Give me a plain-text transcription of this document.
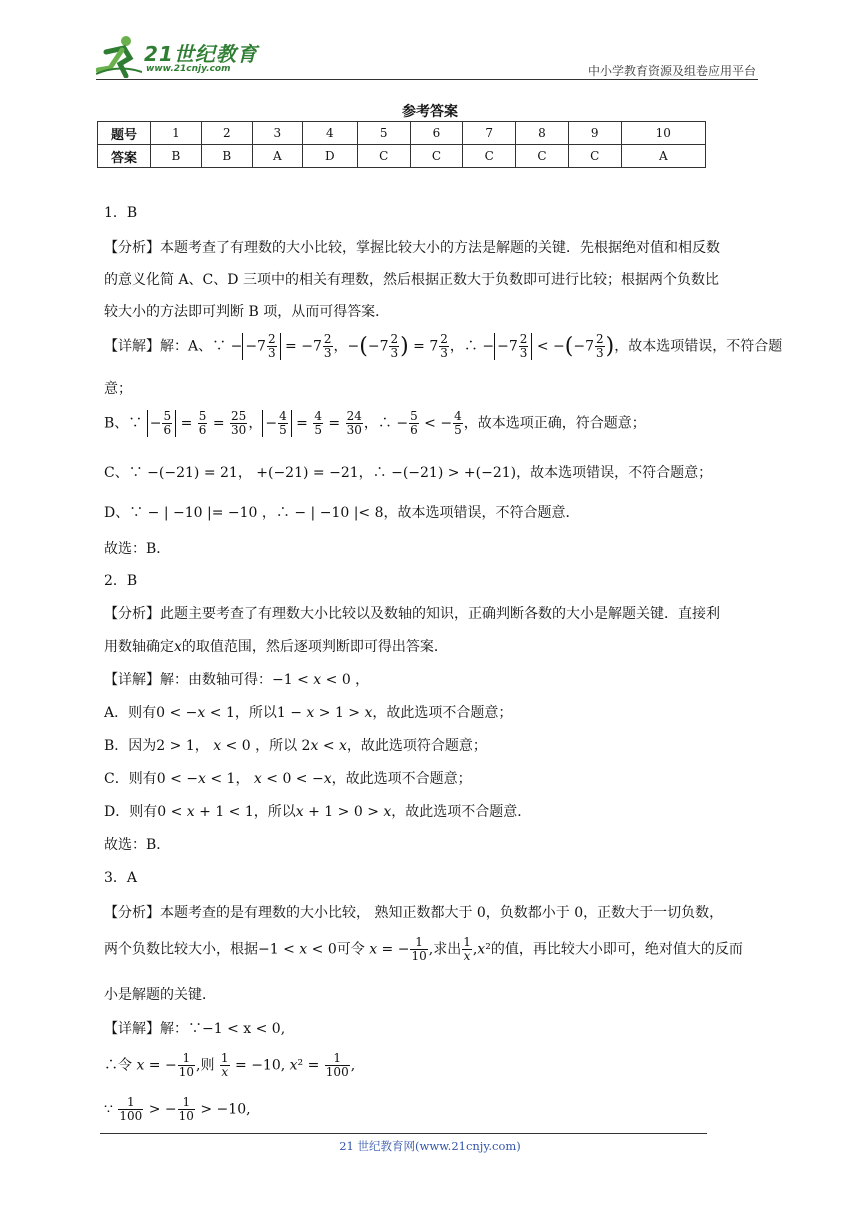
21世纪教育
www.21cnjy.com	中小学教育资源及组卷应用平台
参考答案
题号	1	2	3	4	5	6	7	8	9	10
答案	B	B	A	D	C	C	C	C	C	A
1．B
【分析】本题考查了有理数的大小比较，掌握比较大小的方法是解题的关键．先根据绝对值和相反数
的意义化简 A、C、D 三项中的相关有理数，然后根据正数大于负数即可进行比较；根据两个负数比
较大小的方法即可判断 B 项，从而可得答案．
【详解】解：A、∵ − $-7 \frac{2}{3} = -7 \frac{2}{3}$ ，$-(-7 \frac{2}{3}$ ) = $7 \frac{2}{3}$ ，∴ − $-7 \frac{2}{3} < -(-7 \frac{2}{3}$ )，故本选项错误，不符合题
意；
B、∵ − $\frac{5}{6} = \frac{5}{6} = \frac{25}{30}$ ， − $\frac{4}{5} = \frac{4}{5} = \frac{24}{30}$ ，∴ − $\frac{5}{6}$ < − $\frac{4}{5}$ ，故本选项正确，符合题意；
C、∵ −(−21) = 21， +(−21) = −21，∴ −(−21) > +(−21)，故本选项错误，不符合题意；
D、∵ − | −10 |= −10 ，∴ − | −10 |< 8，故本选项错误，不符合题意．
故选：B．
2．B
【分析】此题主要考查了有理数大小比较以及数轴的知识，正确判断各数的大小是解题关键．直接利
用数轴确定x的取值范围，然后逐项判断即可得出答案．
【详解】解：由数轴可得：−1 < x < 0 ，
A．则有0 < −x < 1，所以1 − x > 1 > x，故此选项不合题意；
B．因为2 > 1， x < 0 ，所以 2x < x，故此选项符合题意；
C．则有0 < −x < 1， x < 0 < −x，故此选项不合题意；
D．则有0 < x + 1 < 1，所以x + 1 > 0 > x，故此选项不合题意．
故选：B．
3．A
【分析】本题考查的是有理数的大小比较， 熟知正数都大于 0，负数都小于 0，正数大于一切负数，
两个负数比较大小，根据−1 < x < 0可令 x = − $\frac{1}{10}$ ,求出 $\frac{1}{x} ,x^2$的值，再比较大小即可，绝对值大的反而
小是解题的关键．
【详解】解：∵−1 < x < 0,
∴令 x = − $\frac{1}{10}$ ,则 $\frac{1}{x} = -10$, $x^2 = \frac{1}{100}$ ,
∵ $\frac{1}{100}$ > − $\frac{1}{10} > -10$,
21 世纪教育网(www.21cnjy.com)
